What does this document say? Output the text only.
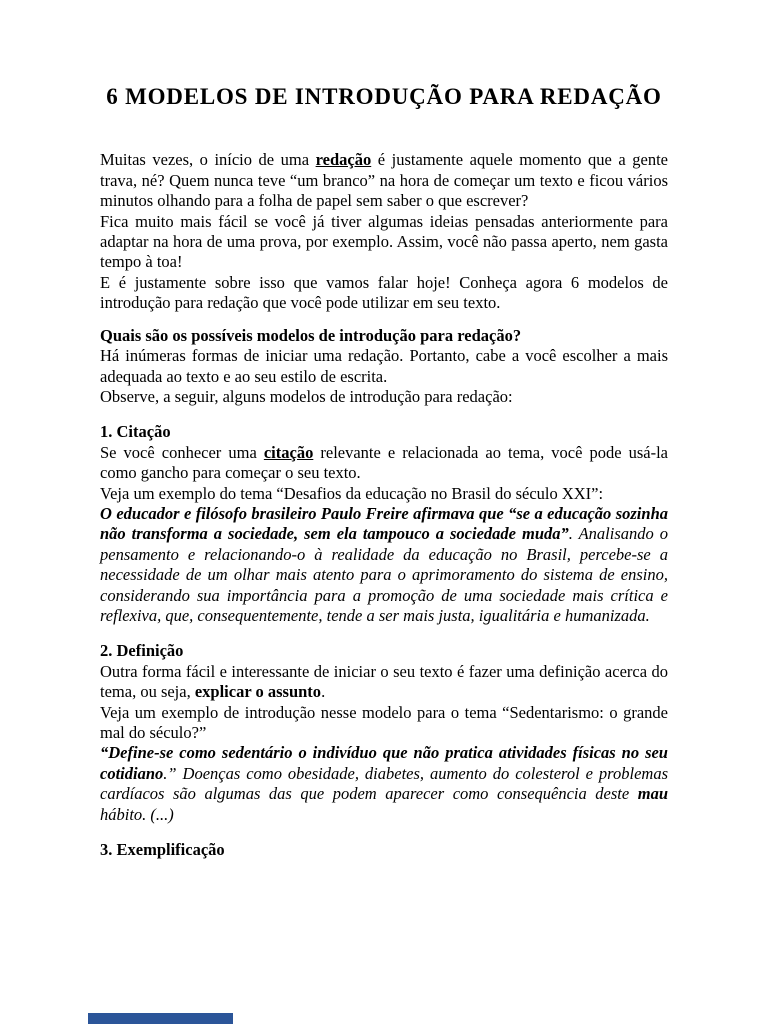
6 MODELOS DE INTRODUÇÃO PARA REDAÇÃO

Muitas vezes, o início de uma redação é justamente aquele momento que a gente trava, né? Quem nunca teve “um branco” na hora de começar um texto e ficou vários minutos olhando para a folha de papel sem saber o que escrever?

Fica muito mais fácil se você já tiver algumas ideias pensadas anteriormente para adaptar na hora de uma prova, por exemplo. Assim, você não passa aperto, nem gasta tempo à toa!

E é justamente sobre isso que vamos falar hoje! Conheça agora 6 modelos de introdução para redação que você pode utilizar em seu texto.

Quais são os possíveis modelos de introdução para redação?

Há inúmeras formas de iniciar uma redação. Portanto, cabe a você escolher a mais adequada ao texto e ao seu estilo de escrita.

Observe, a seguir, alguns modelos de introdução para redação:

1. Citação

Se você conhecer uma citação relevante e relacionada ao tema, você pode usá-la como gancho para começar o seu texto.

Veja um exemplo do tema “Desafios da educação no Brasil do século XXI”:

O educador e filósofo brasileiro Paulo Freire afirmava que “se a educação sozinha não transforma a sociedade, sem ela tampouco a sociedade muda”. Analisando o pensamento e relacionando-o à realidade da educação no Brasil, percebe-se a necessidade de um olhar mais atento para o aprimoramento do sistema de ensino, considerando sua importância para a promoção de uma sociedade mais crítica e reflexiva, que, consequentemente, tende a ser mais justa, igualitária e humanizada.

2. Definição

Outra forma fácil e interessante de iniciar o seu texto é fazer uma definição acerca do tema, ou seja, explicar o assunto.

Veja um exemplo de introdução nesse modelo para o tema “Sedentarismo: o grande mal do século?”

“Define-se como sedentário o indivíduo que não pratica atividades físicas no seu cotidiano.” Doenças como obesidade, diabetes, aumento do colesterol e problemas cardíacos são algumas das que podem aparecer como consequência deste mau hábito. (...)

3. Exemplificação
